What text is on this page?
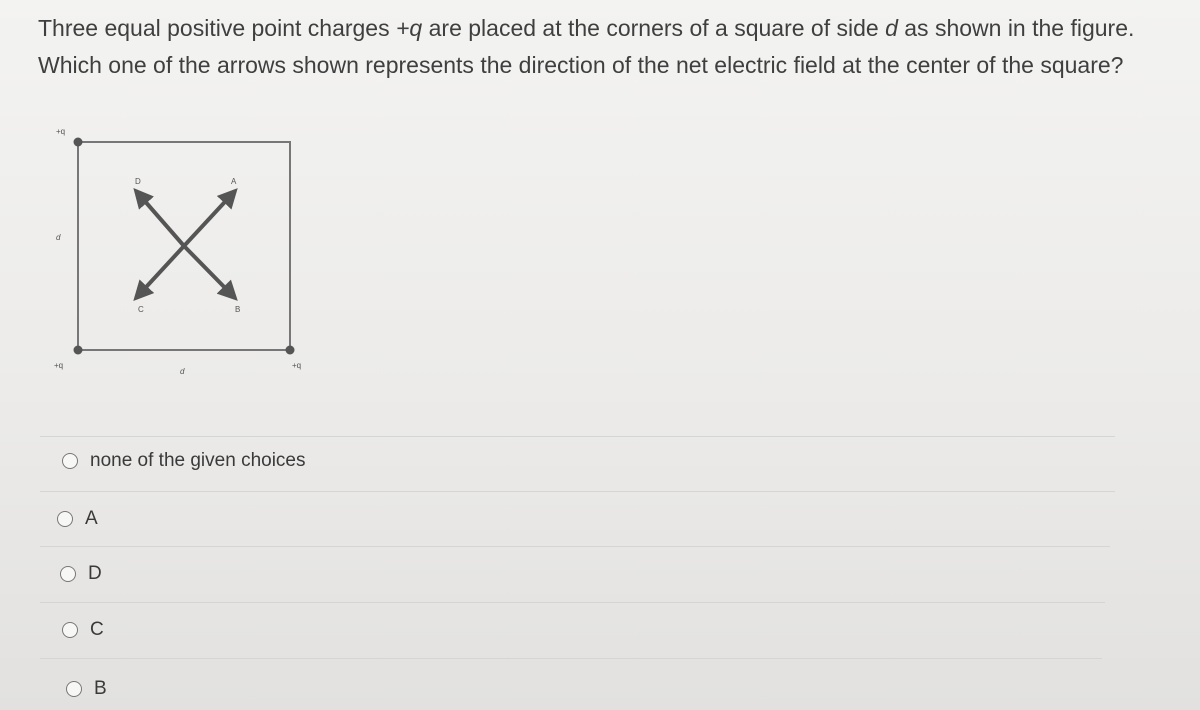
Three equal positive point charges +q are placed at the corners of a square of side d as shown in the figure. Which one of the arrows shown represents the direction of the net electric field at the center of the square?

+q
+q	+q
d
d
A
B
C
D
none of the given choices
A
D
C
B
